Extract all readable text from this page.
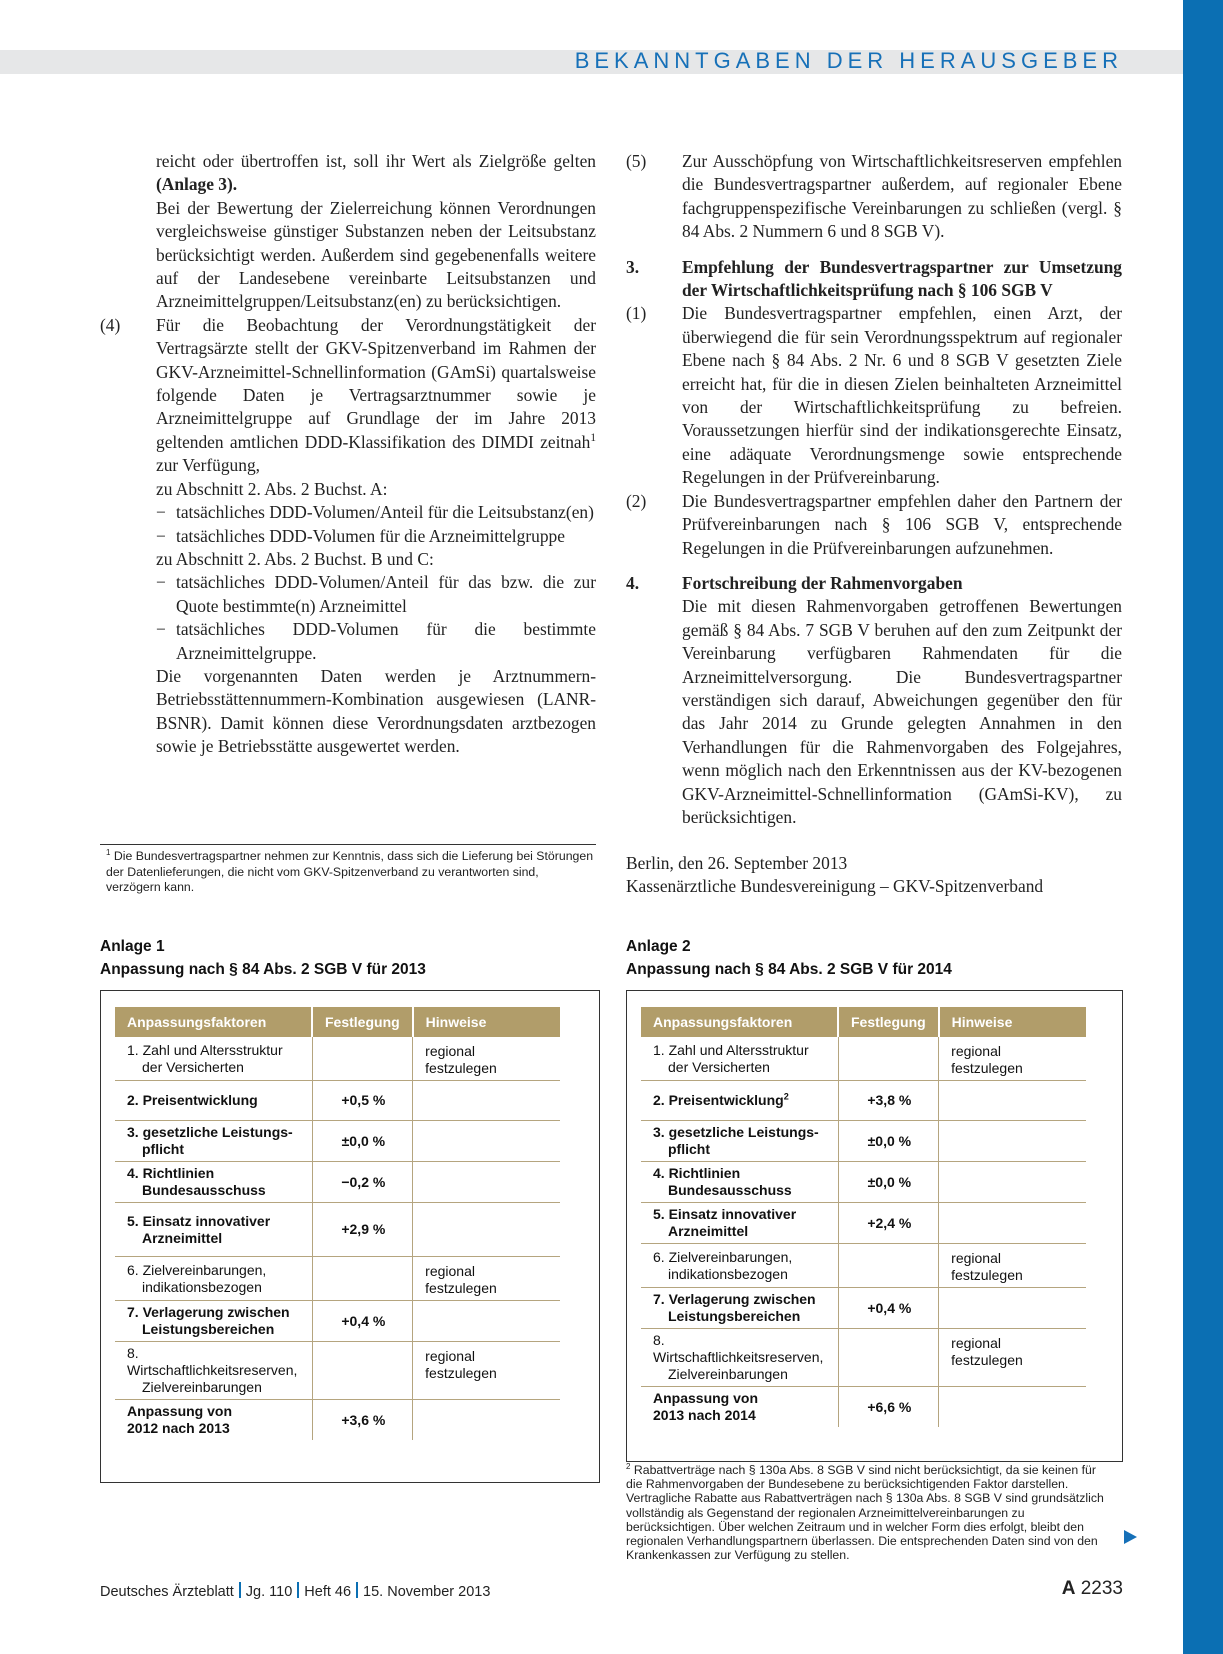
BEKANNTGABEN DER HERAUSGEBER

reicht oder übertroffen ist, soll ihr Wert als Zielgröße gelten (Anlage 3).

Bei der Bewertung der Zielerreichung können Verordnungen vergleichsweise günstiger Substanzen neben der Leitsubstanz berücksichtigt werden. Außerdem sind gegebenenfalls weitere auf der Landesebene vereinbarte Leitsubstanzen und Arzneimittelgruppen/Leitsubstanz(en) zu berücksichtigen.

(4) Für die Beobachtung der Verordnungstätigkeit der Vertragsärzte stellt der GKV-Spitzenverband im Rahmen der GKV-Arzneimittel-Schnellinformation (GAmSi) quartalsweise folgende Daten je Vertragsarztnummer sowie je Arzneimittelgruppe auf Grundlage der im Jahre 2013 geltenden amtlichen DDD-Klassifikation des DIMDI zeitnah$^1$ zur Verfügung,

zu Abschnitt 2. Abs. 2 Buchst. A:

− tatsächliches DDD-Volumen/Anteil für die Leitsubstanz(en)
− tatsächliches DDD-Volumen für die Arzneimittelgruppe

zu Abschnitt 2. Abs. 2 Buchst. B und C:

− tatsächliches DDD-Volumen/Anteil für das bzw. die zur Quote bestimmte(n) Arzneimittel
− tatsächliches DDD-Volumen für die bestimmte Arzneimittelgruppe.

Die vorgenannten Daten werden je Arztnummern-Betriebsstättennummern-Kombination ausgewiesen (LANR-BSNR). Damit können diese Verordnungsdaten arztbezogen sowie je Betriebsstätte ausgewertet werden.

$^1$ Die Bundesvertragspartner nehmen zur Kenntnis, dass sich die Lieferung bei Störungen der Datenlieferungen, die nicht vom GKV-Spitzenverband zu verantworten sind, verzögern kann.
(5) Zur Ausschöpfung von Wirtschaftlichkeitsreserven empfehlen die Bundesvertragspartner außerdem, auf regionaler Ebene fachgruppenspezifische Vereinbarungen zu schließen (vergl. § 84 Abs. 2 Nummern 6 und 8 SGB V).
3. Empfehlung der Bundesvertragspartner zur Umsetzung der Wirtschaftlichkeitsprüfung nach § 106 SGB V
(1) Die Bundesvertragspartner empfehlen, einen Arzt, der überwiegend die für sein Verordnungsspektrum auf regionaler Ebene nach § 84 Abs. 2 Nr. 6 und 8 SGB V gesetzten Ziele erreicht hat, für die in diesen Zielen beinhalteten Arzneimittel von der Wirtschaftlichkeitsprüfung zu befreien. Voraussetzungen hierfür sind der indikationsgerechte Einsatz, eine adäquate Verordnungsmenge sowie entsprechende Regelungen in der Prüfvereinbarung.
(2) Die Bundesvertragspartner empfehlen daher den Partnern der Prüfvereinbarungen nach § 106 SGB V, entsprechende Regelungen in die Prüfvereinbarungen aufzunehmen.
4. Fortschreibung der Rahmenvorgaben

Die mit diesen Rahmenvorgaben getroffenen Bewertungen gemäß § 84 Abs. 7 SGB V beruhen auf den zum Zeitpunkt der Vereinbarung verfügbaren Rahmendaten für die Arzneimittelversorgung. Die Bundesvertragspartner verständigen sich darauf, Abweichungen gegenüber den für das Jahr 2014 zu Grunde gelegten Annahmen in den Verhandlungen für die Rahmenvorgaben des Folgejahres, wenn möglich nach den Erkenntnissen aus der KV-bezogenen GKV-Arzneimittel-Schnellinformation (GAmSi-KV), zu berücksichtigen.

Berlin, den 26. September 2013
Kassenärztliche Bundesvereinigung – GKV-Spitzenverband
Anlage 1
Anpassung nach § 84 Abs. 2 SGB V für 2013
Anpassungsfaktoren	Festlegung	Hinweise
1. Zahl und Altersstruktur
der Versicherten		regional festzulegen
2. Preisentwicklung	+0,5 %	
3. gesetzliche Leistungs-
pflicht	±0,0 %	
4. Richtlinien
Bundesausschuss	−0,2 %	
5. Einsatz innovativer
Arzneimittel	+2,9 %	
6. Zielvereinbarungen,
indikationsbezogen		regional festzulegen
7. Verlagerung zwischen
Leistungsbereichen	+0,4 %	
8. Wirtschaftlichkeitsreserven,
Zielvereinbarungen		regional festzulegen
Anpassung von
2012 nach 2013	+3,6 %	
Anlage 2
Anpassung nach § 84 Abs. 2 SGB V für 2014
Anpassungsfaktoren	Festlegung	Hinweise
1. Zahl und Altersstruktur
der Versicherten		regional festzulegen
2. Preisentwicklung$^2$	+3,8 %	
3. gesetzliche Leistungs-
pflicht	±0,0 %	
4. Richtlinien
Bundesausschuss	±0,0 %	
5. Einsatz innovativer
Arzneimittel	+2,4 %	
6. Zielvereinbarungen,
indikationsbezogen		regional festzulegen
7. Verlagerung zwischen
Leistungsbereichen	+0,4 %	
8. Wirtschaftlichkeitsreserven,
Zielvereinbarungen		regional festzulegen
Anpassung von
2013 nach 2014	+6,6 %	
$^2$ Rabattverträge nach § 130a Abs. 8 SGB V sind nicht berücksichtigt, da sie keinen für die Rahmenvorgaben der Bundesebene zu berücksichtigenden Faktor darstellen. Vertragliche Rabatte aus Rabattverträgen nach § 130a Abs. 8 SGB V sind grundsätzlich vollständig als Gegenstand der regionalen Arzneimittelvereinbarungen zu berücksichtigen. Über welchen Zeitraum und in welcher Form dies erfolgt, bleibt den regionalen Verhandlungspartnern überlassen. Die entsprechenden Daten sind von den Krankenkassen zur Verfügung zu stellen.
Deutsches Ärzteblatt Jg. 110 Heft 46 15. November 2013	A 2233
